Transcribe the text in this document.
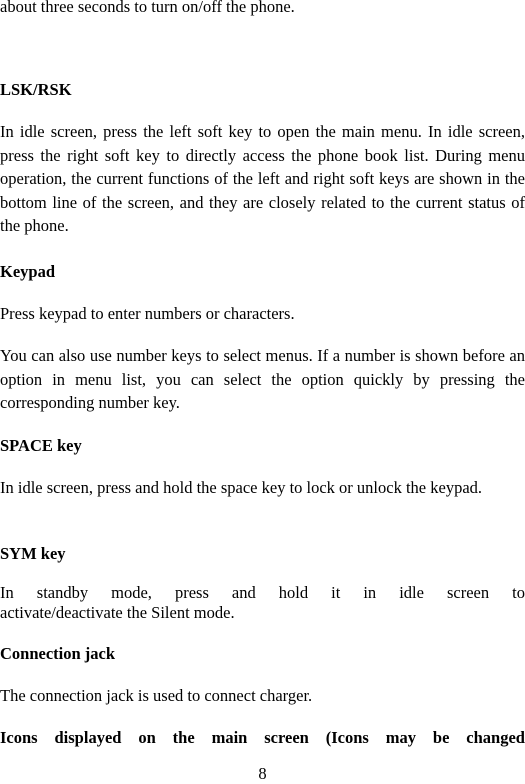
about three seconds to turn on/off the phone.

LSK/RSK

In idle screen, press the left soft key to open the main menu. In idle screen, press the right soft key to directly access the phone book list. During menu operation, the current functions of the left and right soft keys are shown in the bottom line of the screen, and they are closely related to the current status of the phone.

Keypad

Press keypad to enter numbers or characters.

You can also use number keys to select menus. If a number is shown before an option in menu list, you can select the option quickly by pressing the corresponding number key.

SPACE key

In idle screen, press and hold the space key to lock or unlock the keypad.

SYM key

In standby mode, press and hold it in idle screen to

activate/deactivate the Silent mode.

Connection jack

The connection jack is used to connect charger.

Icons displayed on the main screen (Icons may be changed

8
